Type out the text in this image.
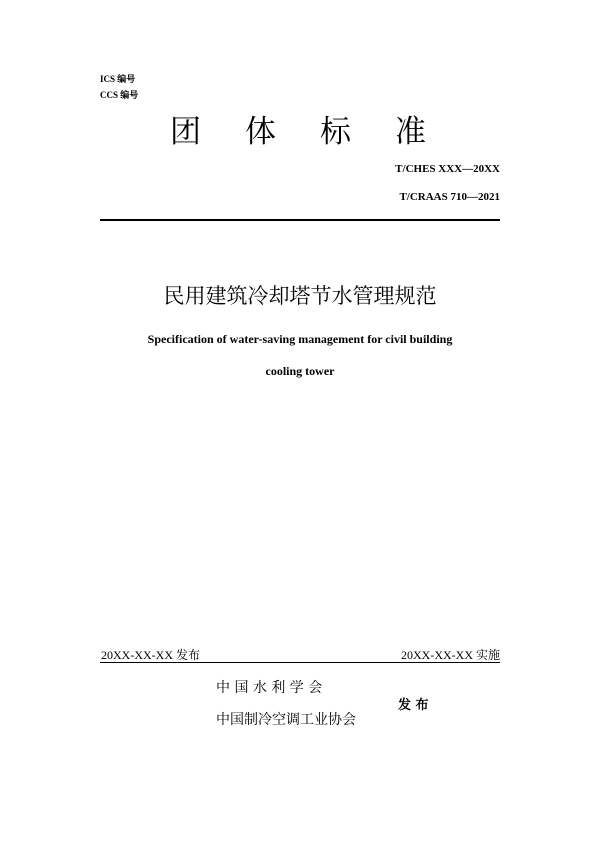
ICS 编号
CCS 编号
团 体 标 准
T/CHES XXX—20XX
T/CRAAS 710—2021
民用建筑冷却塔节水管理规范
Specification of water-saving management for civil building
cooling tower
20XX-XX-XX 发布	20XX-XX-XX 实施
中 国 水 利 学 会
中国制冷空调工业协会
发 布
